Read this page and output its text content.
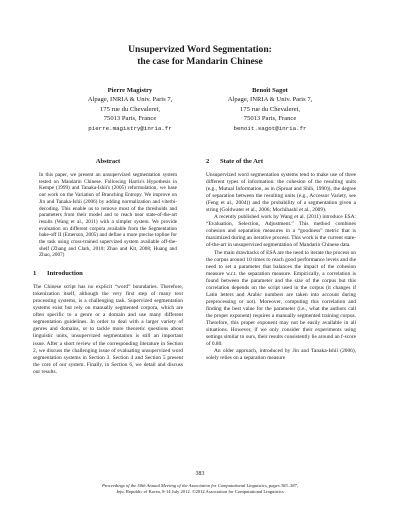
Unsupervized Word Segmentation:
the case for Mandarin Chinese
Pierre Magistry
Alpage, INRIA & Univ. Paris 7,
175 rue du Chevaleret,
75013 Paris, France
pierre.magistry@inria.fr
Benoît Sagot
Alpage, INRIA & Univ. Paris 7,
175 rue du Chevaleret,
75013 Paris, France
benoit.sagot@inria.fr
Abstract

In this paper, we present an unsupervized segmentation system tested on Mandarin Chinese. Following Harris's Hypothesis in Kempe (1999) and Tanaka-Ishii's (2005) reformulation, we base our work on the Variation of Branching Entropy. We improve on Jin and Tanaka-Ishii (2006) by adding normalization and viterbi-decoding. This enable us to remove most of the thresholds and parameters from their model and to reach near state-of-the-art results (Wang et al., 2011) with a simpler system. We provide evaluation on different corpora available from the Segmentation bake-off II (Emerson, 2005) and define a more precise topline for the task using cross-trained supervized system available off-the-shelf (Zhang and Clark, 2010; Zhao and Kit, 2008; Huang and Zhao, 2007)

1 Introduction

The Chinese script has no explicit “word” boundaries. Therefore, tokenization itself, although the very first step of many text processing systems, is a challenging task. Supervized segmentation systems exist but rely on manually segmented corpora, which are often specific to a genre or a domain and use many different segmentation guidelines. In order to deal with a larger variety of genres and domains, or to tackle more theoretic questions about linguistic units, unsupervized segmentation is still an important issue. After a short review of the corresponding literature in Section 2, we discuss the challenging issue of evaluating unsupervized word segmentation systems in Section 3. Section 4 and Section 5 present the core of our system. Finally, in Section 6, we detail and discuss our results.

2 State of the Art

Unsupervized word segmentation systems tend to make use of three different types of information: the cohesion of the resulting units (e.g., Mutual Information, as in (Sproat and Shih, 1990)), the degree of separation between the resulting units (e.g., Accessor Variety, see (Feng et al., 2004)) and the probability of a segmentation given a string (Goldwater et al., 2006; Mochihashi et al., 2009).

A recently published work by Wang et al. (2011) introduce ESA: “Evaluation, Selection, Adjustment.” This method combines cohesion and separation measures in a “goodness” metric that is maximized during an iterative process. This work is the current state-of-the-art in unsupervized segmentation of Mandarin Chinese data.

The main drawbacks of ESA are the need to iterate the process on the corpus around 10 times to reach good performance levels and the need to set a parameter that balances the impact of the cohesion measure w.r.t. the separation measure. Empirically, a correlation is found between the parameter and the size of the corpus but this correlation depends on the script used in the corpus (it changes if Latin letters and Arabic numbers are taken into account during preprocessing or not). Moreover, computing this correlation and finding the best value for the parameter (i.e., what the authors call the proper exponent) requires a manually segmented training corpus. Therefore, this proper exponent may not be easily available in all situations. However, if we only consider their experiments using settings similar to ours, their results consistently lie around an f-score of 0.80.

An older approach, introduced by Jin and Tanaka-Ishii (2006), solely relies on a separation measure

383
Proceedings of the 50th Annual Meeting of the Association for Computational Linguistics, pages 383–387,
Jeju, Republic of Korea, 8-14 July 2012. ©2012 Association for Computational Linguistics
